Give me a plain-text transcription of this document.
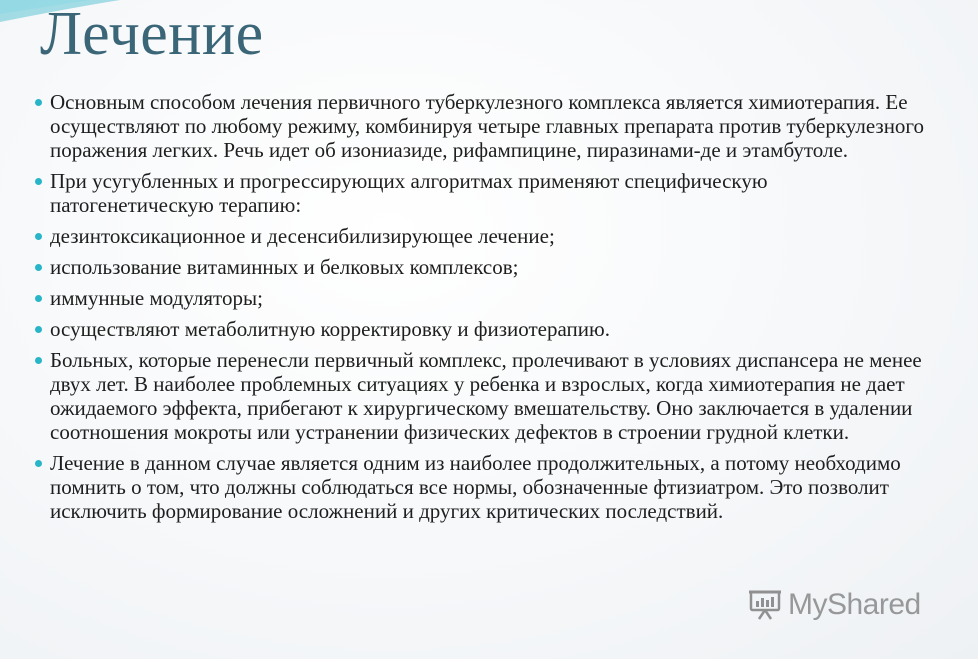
Лечение
Основным способом лечения первичного туберкулезного комплекса является химиотерапия. Ее осуществляют по любому режиму, комбинируя четыре главных препарата против туберкулезного поражения легких. Речь идет об изониазиде, рифампицине, пиразинами-де и этамбутоле.
При усугубленных и прогрессирующих алгоритмах применяют специфическую патогенетическую терапию:
дезинтоксикационное и десенсибилизирующее лечение;
использование витаминных и белковых комплексов;
иммунные модуляторы;
осуществляют метаболитную корректировку и физиотерапию.
Больных, которые перенесли первичный комплекс, пролечивают в условиях диспансера не менее двух лет. В наиболее проблемных ситуациях у ребенка и взрослых, когда химиотерапия не дает ожидаемого эффекта, прибегают к хирургическому вмешательству. Оно заключается в удалении соотношения мокроты или устранении физических дефектов в строении грудной клетки.
Лечение в данном случае является одним из наиболее продолжительных, а потому необходимо помнить о том, что должны соблюдаться все нормы, обозначенные фтизиатром. Это позволит исключить формирование осложнений и других критических последствий.
MyShared
